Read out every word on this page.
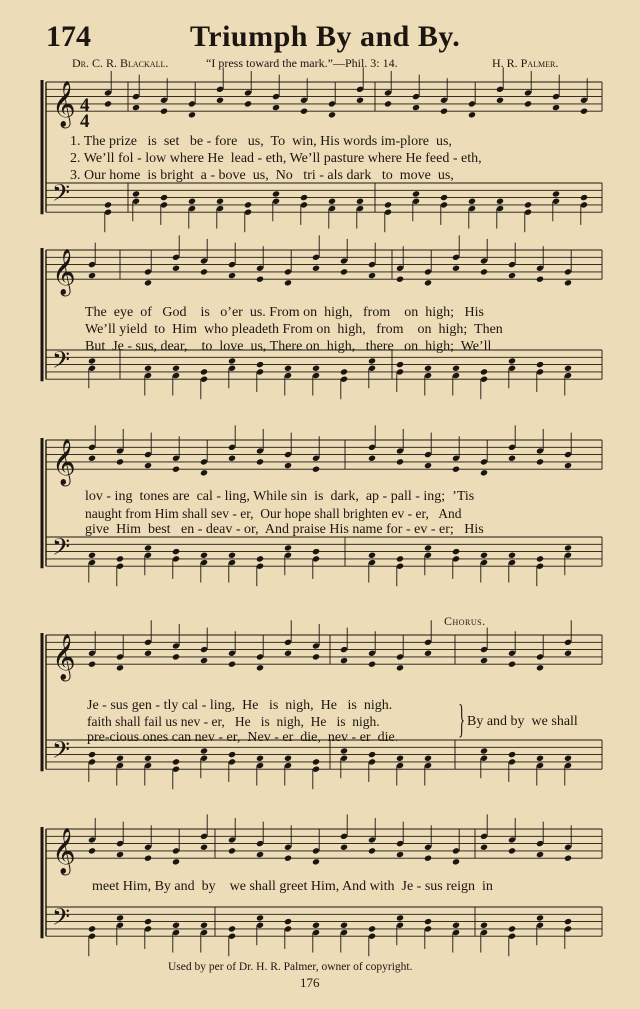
174	Triumph By and By.
Dr. C. R. Blackall.	“I press toward the mark.”—Phil. 3: 14.	H. R. Palmer.
𝄞
𝄢
𝄞
𝄢
𝄞
𝄢
𝄞
𝄢
𝄞
𝄢
4
4
1. The prize   is  set   be - fore   us,  To  win, His words im-plore  us,
2. We’ll fol - low where He  lead - eth, We’ll pasture where He feed - eth,
3. Our home  is bright  a - bove  us,  No   tri - als dark   to  move  us,
The  eye  of   God    is   o’er  us. From on  high,   from    on  high;   His
We’ll yield  to  Him  who pleadeth From on  high,   from    on  high;  Then
But  Je - sus, dear,    to  love  us, There on  high,   there   on  high;  We’ll
lov - ing  tones are  cal - ling, While sin  is  dark,  ap - pall - ing;  ’Tis
naught from Him shall sev - er,  Our hope shall brighten ev - er,   And
give  Him  best   en - deav - or,  And praise His name for - ev - er;   His
Chorus.
Je - sus gen - tly cal - ling,  He   is  nigh,  He   is  nigh.
faith shall fail us nev - er,   He   is  nigh,  He   is  nigh.
pre-cious ones can nev - er,  Nev - er  die,  nev - er  die. } By and by  we shall
meet Him, By and  by    we shall greet Him, And with  Je - sus reign  in
Used by per of Dr. H. R. Palmer, owner of copyright.
176
